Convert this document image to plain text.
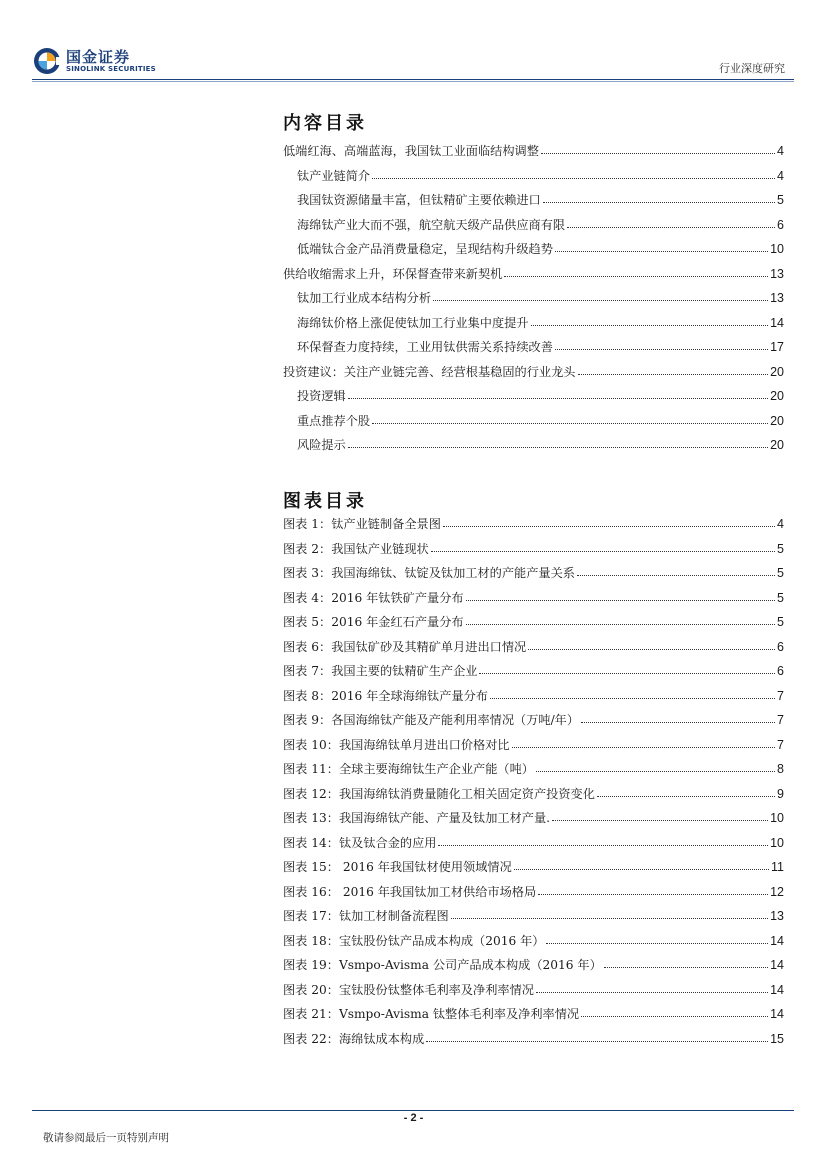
国金证券
SINOLINK SECURITIES	行业深度研究
内容目录
低端红海、高端蓝海，我国钛工业面临结构调整	4
钛产业链简介	4
我国钛资源储量丰富，但钛精矿主要依赖进口	5
海绵钛产业大而不强，航空航天级产品供应商有限	6
低端钛合金产品消费量稳定，呈现结构升级趋势	10
供给收缩需求上升，环保督查带来新契机	13
钛加工行业成本结构分析	13
海绵钛价格上涨促使钛加工行业集中度提升	14
环保督查力度持续，工业用钛供需关系持续改善	17
投资建议：关注产业链完善、经营根基稳固的行业龙头	20
投资逻辑	20
重点推荐个股	20
风险提示	20
图表目录
图表 1：钛产业链制备全景图	4
图表 2：我国钛产业链现状	5
图表 3：我国海绵钛、钛锭及钛加工材的产能产量关系	5
图表 4：2016 年钛铁矿产量分布	5
图表 5：2016 年金红石产量分布	5
图表 6：我国钛矿砂及其精矿单月进出口情况	6
图表 7：我国主要的钛精矿生产企业	6
图表 8：2016 年全球海绵钛产量分布	7
图表 9：各国海绵钛产能及产能利用率情况（万吨/年）	7
图表 10：我国海绵钛单月进出口价格对比	7
图表 11：全球主要海绵钛生产企业产能（吨）	8
图表 12：我国海绵钛消费量随化工相关固定资产投资变化	9
图表 13：我国海绵钛产能、产量及钛加工材产量.	10
图表 14：钛及钛合金的应用	10
图表 15： 2016 年我国钛材使用领域情况	11
图表 16： 2016 年我国钛加工材供给市场格局	12
图表 17：钛加工材制备流程图	13
图表 18：宝钛股份钛产品成本构成（2016 年）	14
图表 19：Vsmpo-Avisma 公司产品成本构成（2016 年）	14
图表 20：宝钛股份钛整体毛利率及净利率情况	14
图表 21：Vsmpo-Avisma 钛整体毛利率及净利率情况	14
图表 22：海绵钛成本构成	15
- 2 -
敬请参阅最后一页特别声明
